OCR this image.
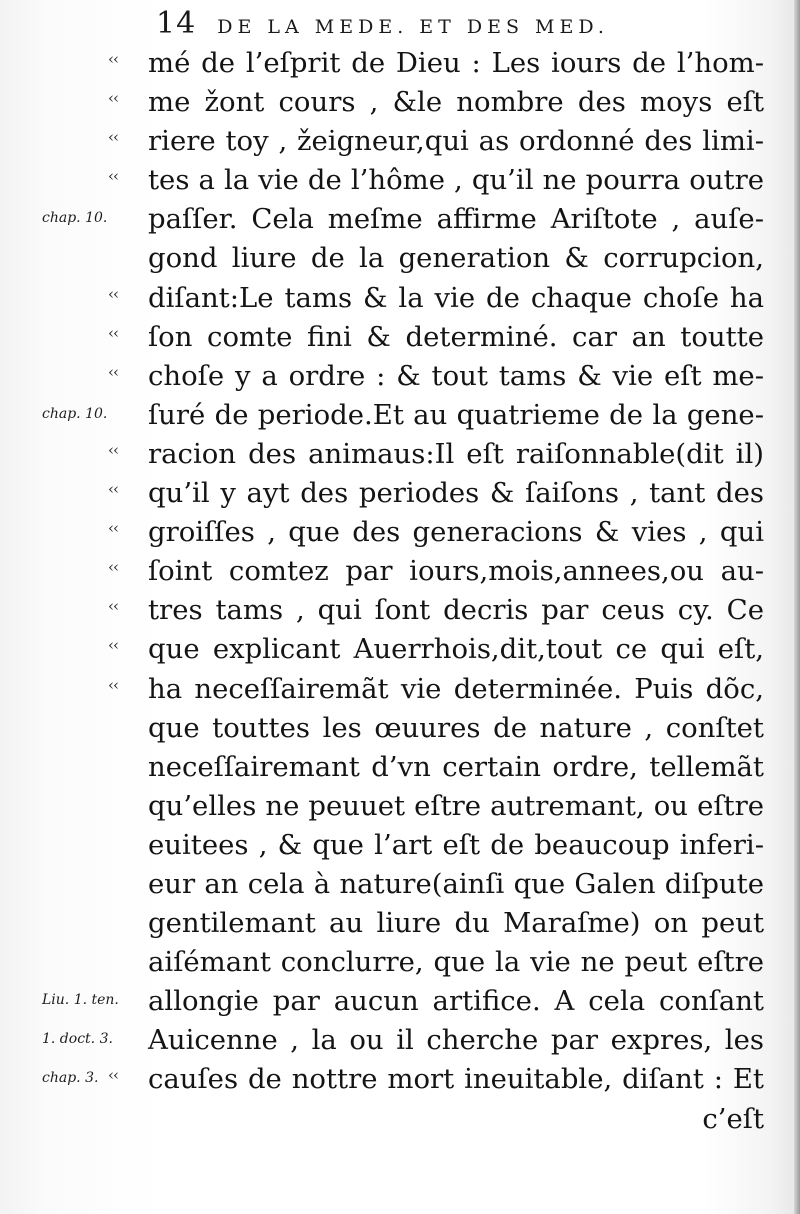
14 DE LA MEDE. ET DES MED.
‹‹	mé de l’eſprit de Dieu : Les iours de l’hom-
‹‹	me žont cours , &le nombre des moys eſt
‹‹	riere toy , žeigneur,qui as ordonné des limi-
‹‹	tes a la vie de l’hôme , qu’il ne pourra outre
chap. 10.	paſſer. Cela meſme affirme Ariſtote , auſe-
gond liure de la generation & corrupcion,
‹‹	diſant:Le tams & la vie de chaque choſe ha
‹‹	ſon comte fini & determiné. car an toutte
‹‹	choſe y a ordre : & tout tams & vie eſt me-
chap. 10.	ſuré de periode.Et au quatrieme de la gene-
‹‹	racion des animaus:Il eſt raiſonnable(dit il)
‹‹	qu’il y ayt des periodes & ſaiſons , tant des
‹‹	groiſſes , que des generacions & vies , qui
‹‹	ſoint comtez par iours,mois,annees,ou au-
‹‹	tres tams , qui ſont decris par ceus cy. Ce
‹‹	que explicant Auerrhois,dit,tout ce qui eſt,
‹‹	ha neceſſairemãt vie determinée. Puis dõc,
que touttes les œuures de nature , conſtet
neceſſairemant d’vn certain ordre, tellemãt
qu’elles ne peuuet eſtre autremant, ou eſtre
euitees , & que l’art eſt de beaucoup inferi-
eur an cela à nature(ainſi que Galen diſpute
gentilemant au liure du Maraſme) on peut
aiſémant conclurre, que la vie ne peut eſtre
Liu. 1. ten.	allongie par aucun artifice. A cela conſant
1. doct. 3.	Auicenne , la ou il cherche par expres, les
chap. 3. ‹‹	cauſes de nottre mort ineuitable, diſant : Et
c’eſt
